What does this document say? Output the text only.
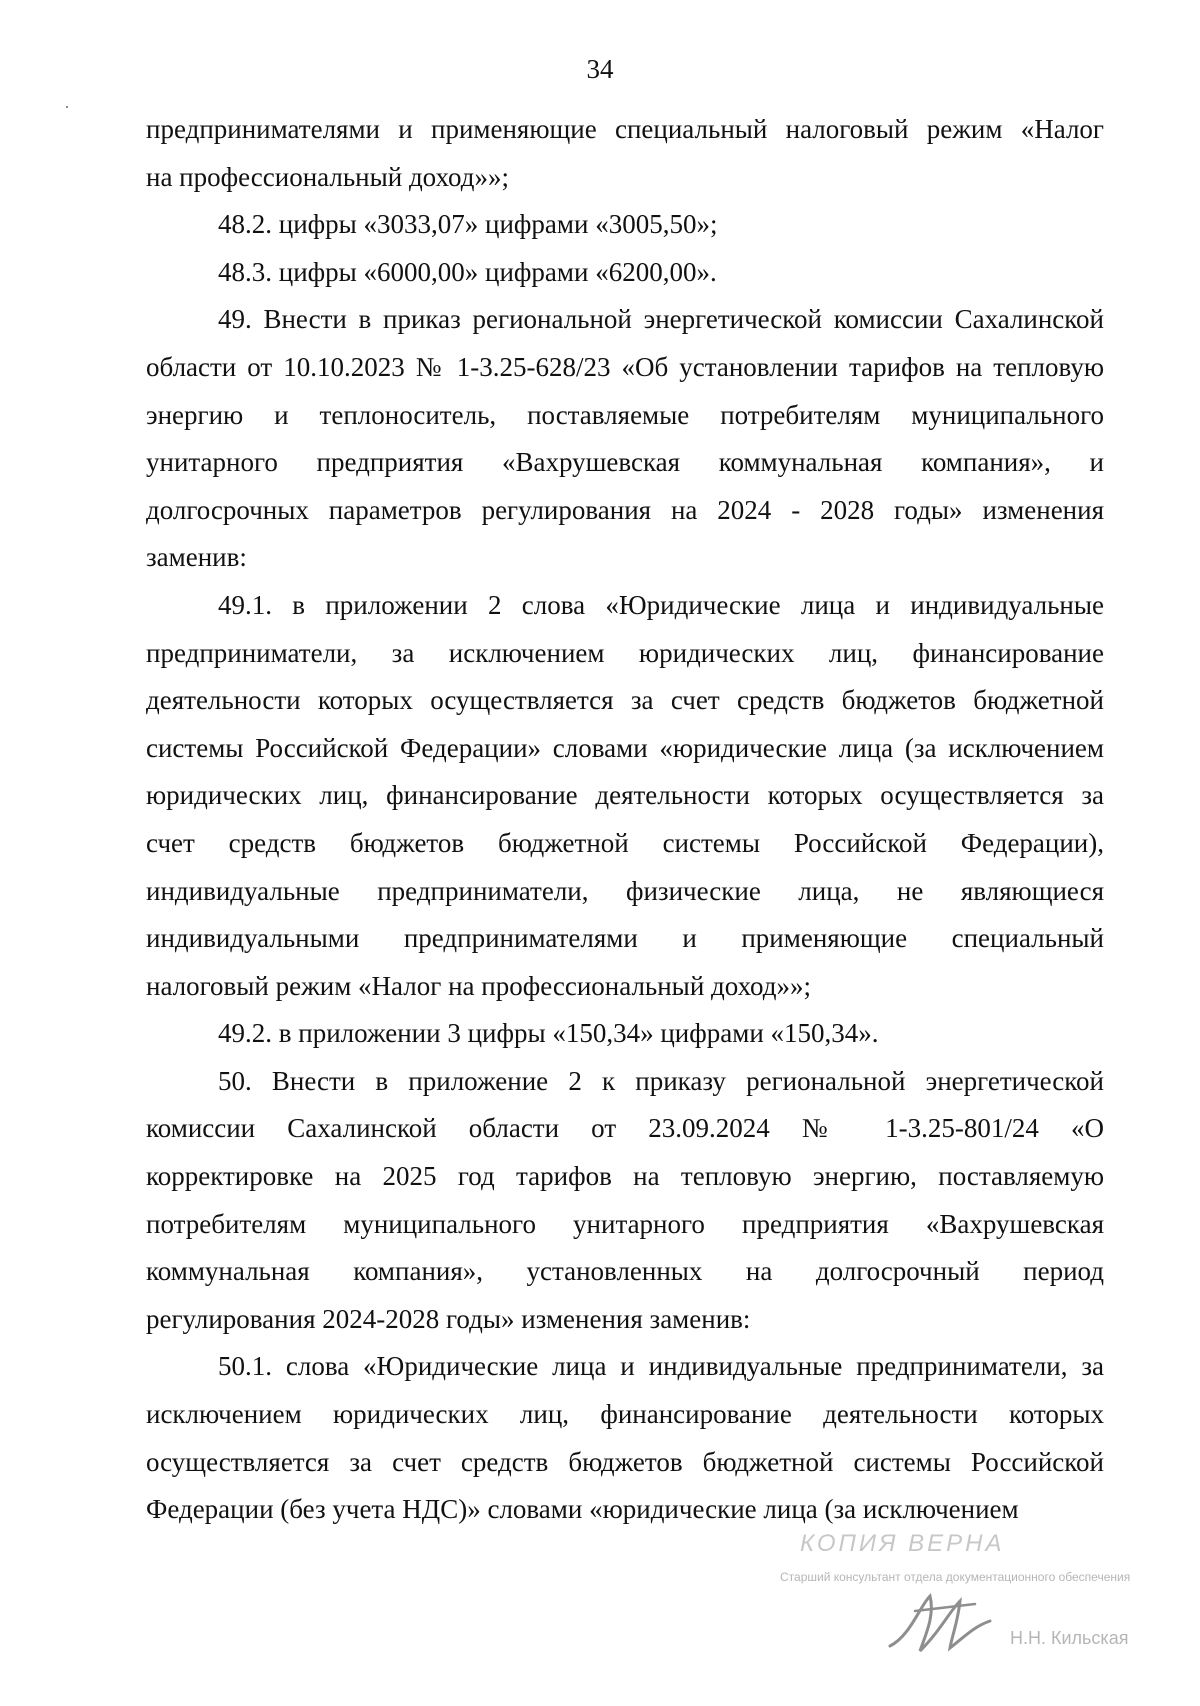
34
предпринимателями и применяющие специальный налоговый режим «Налог
на профессиональный доход»»;
48.2. цифры «3033,07» цифрами «3005,50»;
48.3. цифры «6000,00» цифрами «6200,00».
49. Внести в приказ региональной энергетической комиссии Сахалинской
области от 10.10.2023 № 1-3.25-628/23 «Об установлении тарифов на тепловую
энергию и теплоноситель, поставляемые потребителям муниципального
унитарного предприятия «Вахрушевская коммунальная компания», и
долгосрочных параметров регулирования на 2024 - 2028 годы» изменения
заменив:
49.1. в приложении 2 слова «Юридические лица и индивидуальные
предприниматели, за исключением юридических лиц, финансирование
деятельности которых осуществляется за счет средств бюджетов бюджетной
системы Российской Федерации» словами «юридические лица (за исключением
юридических лиц, финансирование деятельности которых осуществляется за
счет средств бюджетов бюджетной системы Российской Федерации),
индивидуальные предприниматели, физические лица, не являющиеся
индивидуальными предпринимателями и применяющие специальный
налоговый режим «Налог на профессиональный доход»»;
49.2. в приложении 3 цифры «150,34» цифрами «150,34».
50. Внести в приложение 2 к приказу региональной энергетической
комиссии Сахалинской области от 23.09.2024 № 1-3.25-801/24 «О
корректировке на 2025 год тарифов на тепловую энергию, поставляемую
потребителям муниципального унитарного предприятия «Вахрушевская
коммунальная компания», установленных на долгосрочный период
регулирования 2024-2028 годы» изменения заменив:
50.1. слова «Юридические лица и индивидуальные предприниматели, за
исключением юридических лиц, финансирование деятельности которых
осуществляется за счет средств бюджетов бюджетной системы Российской
Федерации (без учета НДС)» словами «юридические лица (за исключением
КОПИЯ ВЕРНА
Старший консультант отдела документационного обеспечения
Н.Н. Кильская
